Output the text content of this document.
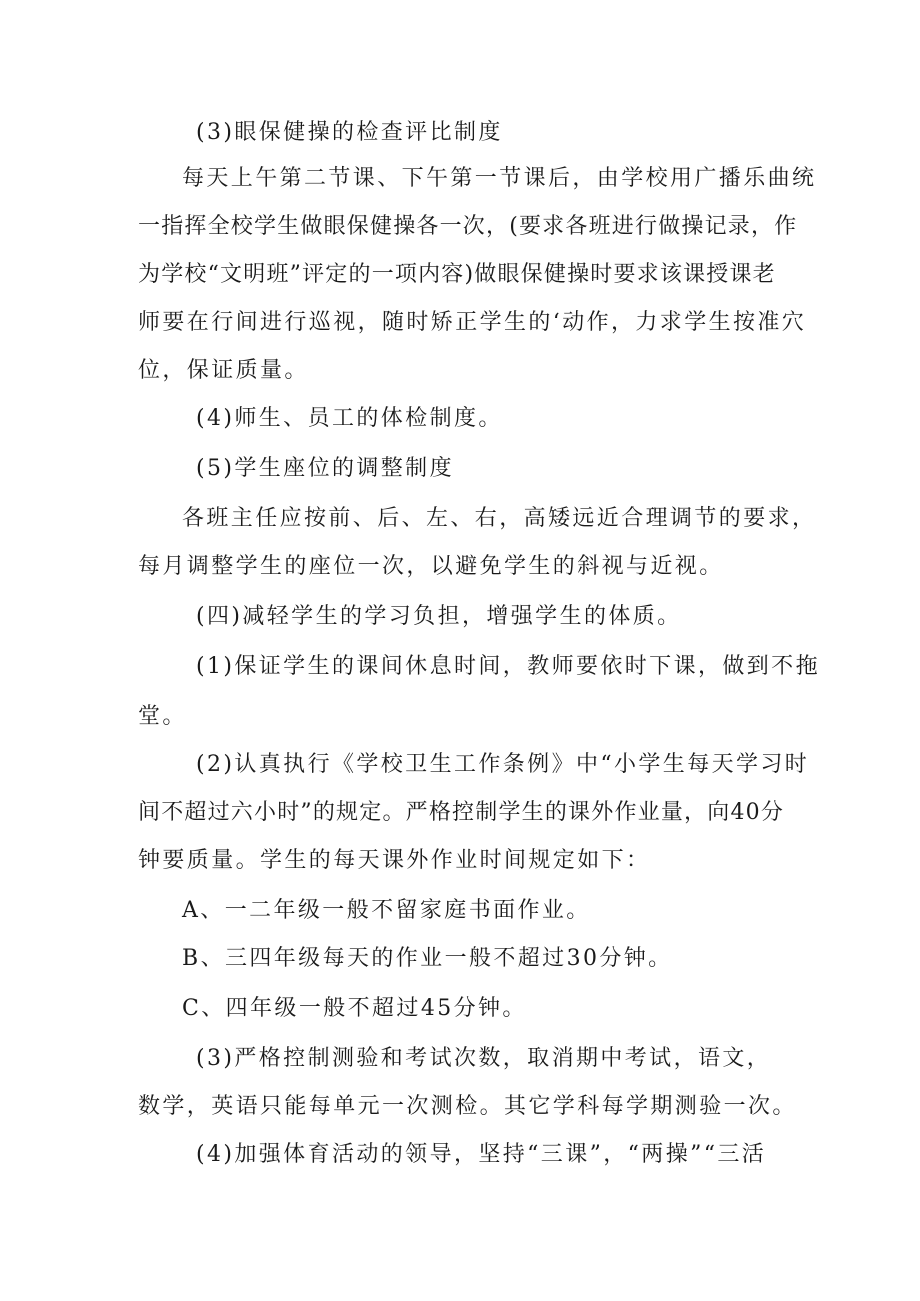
(3)眼保健操的检查评比制度

每天上午第二节课、下午第一节课后，由学校用广播乐曲统

一指挥全校学生做眼保健操各一次，(要求各班进行做操记录，作

为学校“文明班”评定的一项内容)做眼保健操时要求该课授课老

师要在行间进行巡视，随时矫正学生的‘动作，力求学生按准穴

位，保证质量。

(4)师生、员工的体检制度。

(5)学生座位的调整制度

各班主任应按前、后、左、右，高矮远近合理调节的要求，

每月调整学生的座位一次，以避免学生的斜视与近视。

(四)减轻学生的学习负担，增强学生的体质。

(1)保证学生的课间休息时间，教师要依时下课，做到不拖

堂。

(2)认真执行《学校卫生工作条例》中“小学生每天学习时

间不超过六小时”的规定。严格控制学生的课外作业量，向40分

钟要质量。学生的每天课外作业时间规定如下：

A、一二年级一般不留家庭书面作业。

B、三四年级每天的作业一般不超过30分钟。

C、四年级一般不超过45分钟。

(3)严格控制测验和考试次数，取消期中考试，语文，

数学，英语只能每单元一次测检。其它学科每学期测验一次。

(4)加强体育活动的领导，坚持“三课”，“两操”“三活
